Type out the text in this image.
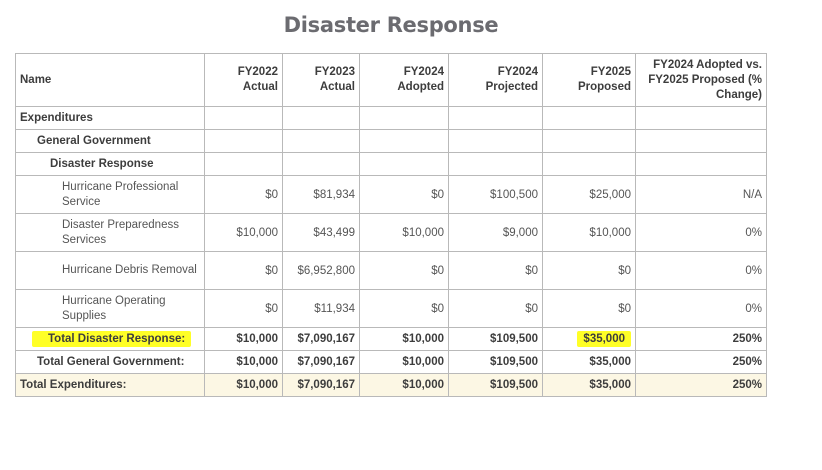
Disaster Response
Name	FY2022 Actual	FY2023 Actual	FY2024 Adopted	FY2024 Projected	FY2025 Proposed	FY2024 Adopted vs. FY2025 Proposed (% Change)
Expenditures						
General Government						
Disaster Response						
Hurricane Professional Service	$0	$81,934	$0	$100,500	$25,000	N/A
Disaster Preparedness Services	$10,000	$43,499	$10,000	$9,000	$10,000	0%
Hurricane Debris Removal	$0	$6,952,800	$0	$0	$0	0%
Hurricane Operating Supplies	$0	$11,934	$0	$0	$0	0%
Total Disaster Response:	$10,000	$7,090,167	$10,000	$109,500	$35,000	250%
Total General Government:	$10,000	$7,090,167	$10,000	$109,500	$35,000	250%
Total Expenditures:	$10,000	$7,090,167	$10,000	$109,500	$35,000	250%
